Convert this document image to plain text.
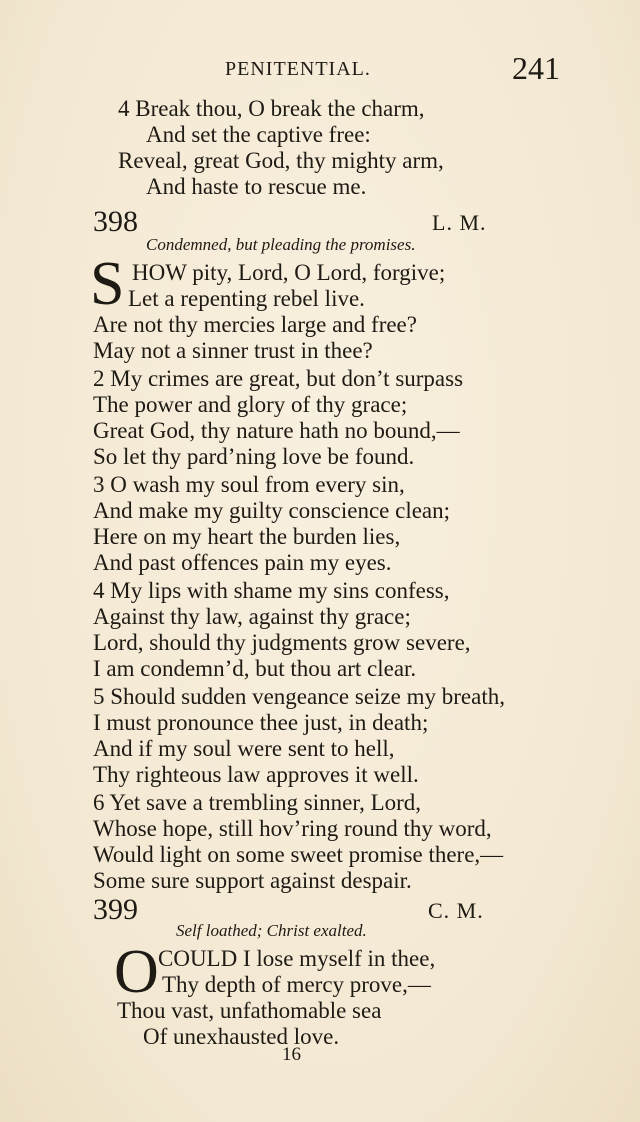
PENITENTIAL.	241
4 Break thou, O break the charm,
And set the captive free:
Reveal, great God, thy mighty arm,
And haste to rescue me.
398	L. M.
Condemned, but pleading the promises.
S HOW pity, Lord, O Lord, forgive;
Let a repenting rebel live.
Are not thy mercies large and free?
May not a sinner trust in thee?
2 My crimes are great, but don’t surpass
The power and glory of thy grace;
Great God, thy nature hath no bound,—
So let thy pard’ning love be found.
3 O wash my soul from every sin,
And make my guilty conscience clean;
Here on my heart the burden lies,
And past offences pain my eyes.
4 My lips with shame my sins confess,
Against thy law, against thy grace;
Lord, should thy judgments grow severe,
I am condemn’d, but thou art clear.
5 Should sudden vengeance seize my breath,
I must pronounce thee just, in death;
And if my soul were sent to hell,
Thy righteous law approves it well.
6 Yet save a trembling sinner, Lord,
Whose hope, still hov’ring round thy word,
Would light on some sweet promise there,—
Some sure support against despair.
399	C. M.
Self loathed; Christ exalted.
O COULD I lose myself in thee,
Thy depth of mercy prove,—
Thou vast, unfathomable sea
Of unexhausted love.
16
